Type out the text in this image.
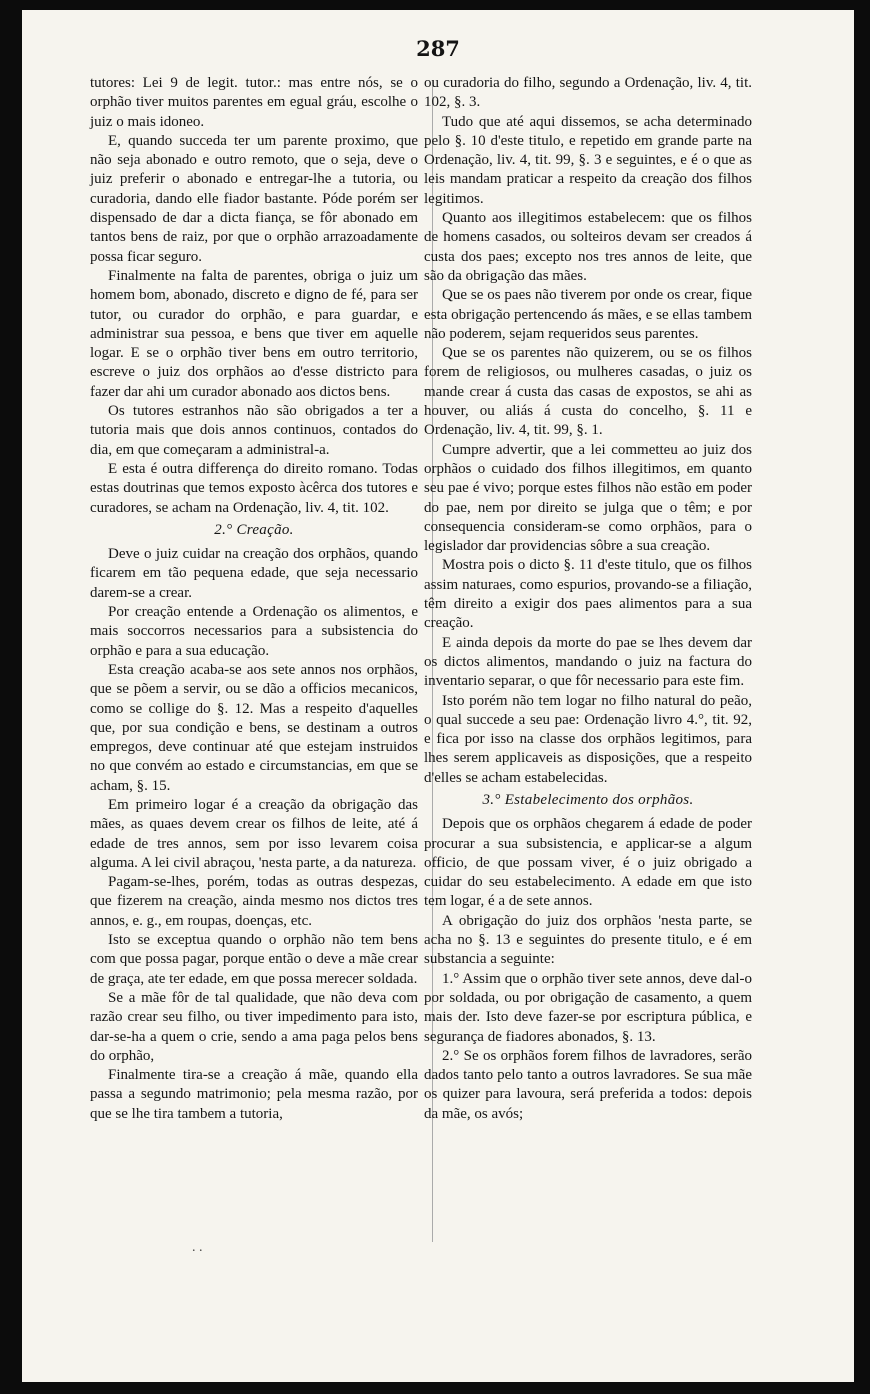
287

tutores: Lei 9 de legit. tutor.: mas entre nós, se o orphão tiver muitos parentes em egual gráu, escolhe o juiz o mais idoneo.

E, quando succeda ter um parente proximo, que não seja abonado e outro remoto, que o seja, deve o juiz preferir o abonado e entregar-lhe a tutoria, ou curadoria, dando elle fiador bastante. Póde porém ser dispensado de dar a dicta fiança, se fôr abonado em tantos bens de raiz, por que o orphão arrazoadamente possa ficar seguro.

Finalmente na falta de parentes, obriga o juiz um homem bom, abonado, discreto e digno de fé, para ser tutor, ou curador do orphão, e para guardar, e administrar sua pessoa, e bens que tiver em aquelle logar. E se o orphão tiver bens em outro territorio, escreve o juiz dos orphãos ao d'esse districto para fazer dar ahi um curador abonado aos dictos bens.

Os tutores estranhos não são obrigados a ter a tutoria mais que dois annos continuos, contados do dia, em que começaram a administral-a.

E esta é outra differença do direito romano. Todas estas doutrinas que temos exposto àcêrca dos tutores e curadores, se acham na Ordenação, liv. 4, tit. 102.

2.° Creação.

Deve o juiz cuidar na creação dos orphãos, quando ficarem em tão pequena edade, que seja necessario darem-se a crear.

Por creação entende a Ordenação os alimentos, e mais soccorros necessarios para a subsistencia do orphão e para a sua educação.

Esta creação acaba-se aos sete annos nos orphãos, que se põem a servir, ou se dão a officios mecanicos, como se collige do §. 12. Mas a respeito d'aquelles que, por sua condição e bens, se destinam a outros empregos, deve continuar até que estejam instruidos no que convém ao estado e circumstancias, em que se acham, §. 15.

Em primeiro logar é a creação da obrigação das mães, as quaes devem crear os filhos de leite, até á edade de tres annos, sem por isso levarem coisa alguma. A lei civil abraçou, 'nesta parte, a da natureza.

Pagam-se-lhes, porém, todas as outras despezas, que fizerem na creação, ainda mesmo nos dictos tres annos, e. g., em roupas, doenças, etc.

Isto se exceptua quando o orphão não tem bens com que possa pagar, porque então o deve a mãe crear de graça, ate ter edade, em que possa merecer soldada.

Se a mãe fôr de tal qualidade, que não deva com razão crear seu filho, ou tiver impedimento para isto, dar-se-ha a quem o crie, sendo a ama paga pelos bens do orphão,

Finalmente tira-se a creação á mãe, quando ella passa a segundo matrimonio; pela mesma razão, por que se lhe tira tambem a tutoria,

ou curadoria do filho, segundo a Ordenação, liv. 4, tit. 102, §. 3.

Tudo que até aqui dissemos, se acha determinado pelo §. 10 d'este titulo, e repetido em grande parte na Ordenação, liv. 4, tit. 99, §. 3 e seguintes, e é o que as leis mandam praticar a respeito da creação dos filhos legitimos.

Quanto aos illegitimos estabelecem: que os filhos de homens casados, ou solteiros devam ser creados á custa dos paes; excepto nos tres annos de leite, que são da obrigação das mães.

Que se os paes não tiverem por onde os crear, fique esta obrigação pertencendo ás mães, e se ellas tambem não poderem, sejam requeridos seus parentes.

Que se os parentes não quizerem, ou se os filhos forem de religiosos, ou mulheres casadas, o juiz os mande crear á custa das casas de expostos, se ahi as houver, ou aliás á custa do concelho, §. 11 e Ordenação, liv. 4, tit. 99, §. 1.

Cumpre advertir, que a lei commetteu ao juiz dos orphãos o cuidado dos filhos illegitimos, em quanto seu pae é vivo; porque estes filhos não estão em poder do pae, nem por direito se julga que o têm; e por consequencia consideram-se como orphãos, para o legislador dar providencias sôbre a sua creação.

Mostra pois o dicto §. 11 d'este titulo, que os filhos assim naturaes, como espurios, provando-se a filiação, têm direito a exigir dos paes alimentos para a sua creação.

E ainda depois da morte do pae se lhes devem dar os dictos alimentos, mandando o juiz na factura do inventario separar, o que fôr necessario para este fim.

Isto porém não tem logar no filho natural do peão, o qual succede a seu pae: Ordenação livro 4.°, tit. 92, e fica por isso na classe dos orphãos legitimos, para lhes serem applicaveis as disposições, que a respeito d'elles se acham estabelecidas.

3.° Estabelecimento dos orphãos.

Depois que os orphãos chegarem á edade de poder procurar a sua subsistencia, e applicar-se a algum officio, de que possam viver, é o juiz obrigado a cuidar do seu estabelecimento. A edade em que isto tem logar, é a de sete annos.

A obrigação do juiz dos orphãos 'nesta parte, se acha no §. 13 e seguintes do presente titulo, e é em substancia a seguinte:

1.° Assim que o orphão tiver sete annos, deve dal-o por soldada, ou por obrigação de casamento, a quem mais der. Isto deve fazer-se por escriptura pública, e segurança de fiadores abonados, §. 13.

2.° Se os orphãos forem filhos de lavradores, serão dados tanto pelo tanto a outros lavradores. Se sua mãe os quizer para lavoura, será preferida a todos: depois da mãe, os avós;

. .
